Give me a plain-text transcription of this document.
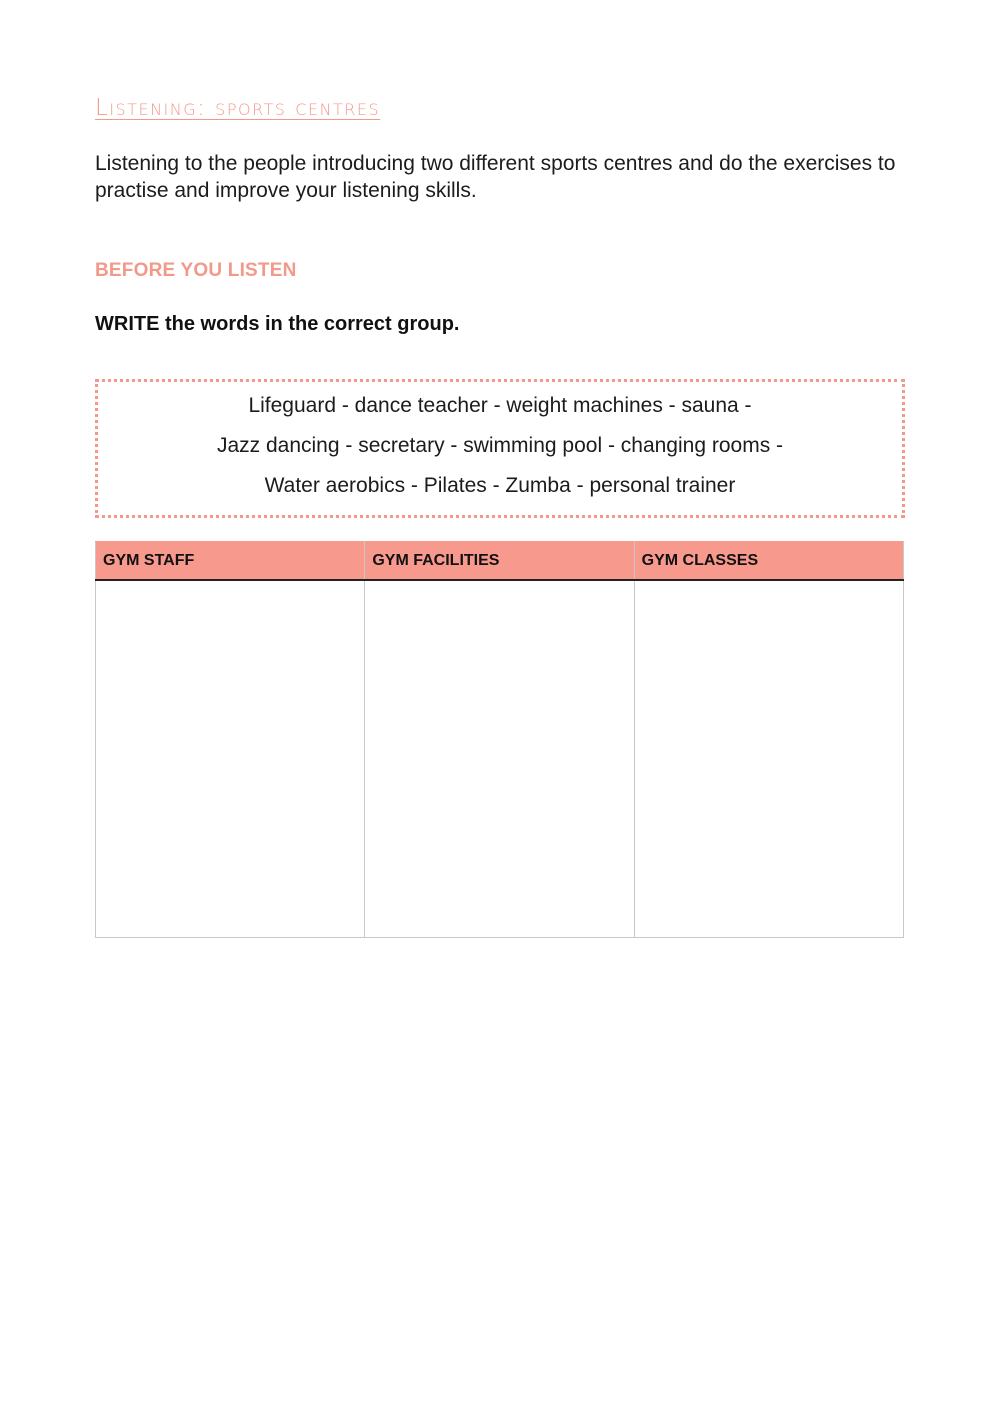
Listening: sports centres

Listening to the people introducing two different sports centres and do the exercises to practise and improve your listening skills.

BEFORE YOU LISTEN

WRITE the words in the correct group.

Lifeguard - dance teacher - weight machines - sauna -
Jazz dancing - secretary - swimming pool - changing rooms -
Water aerobics - Pilates - Zumba - personal trainer
GYM STAFF	GYM FACILITIES	GYM CLASSES
